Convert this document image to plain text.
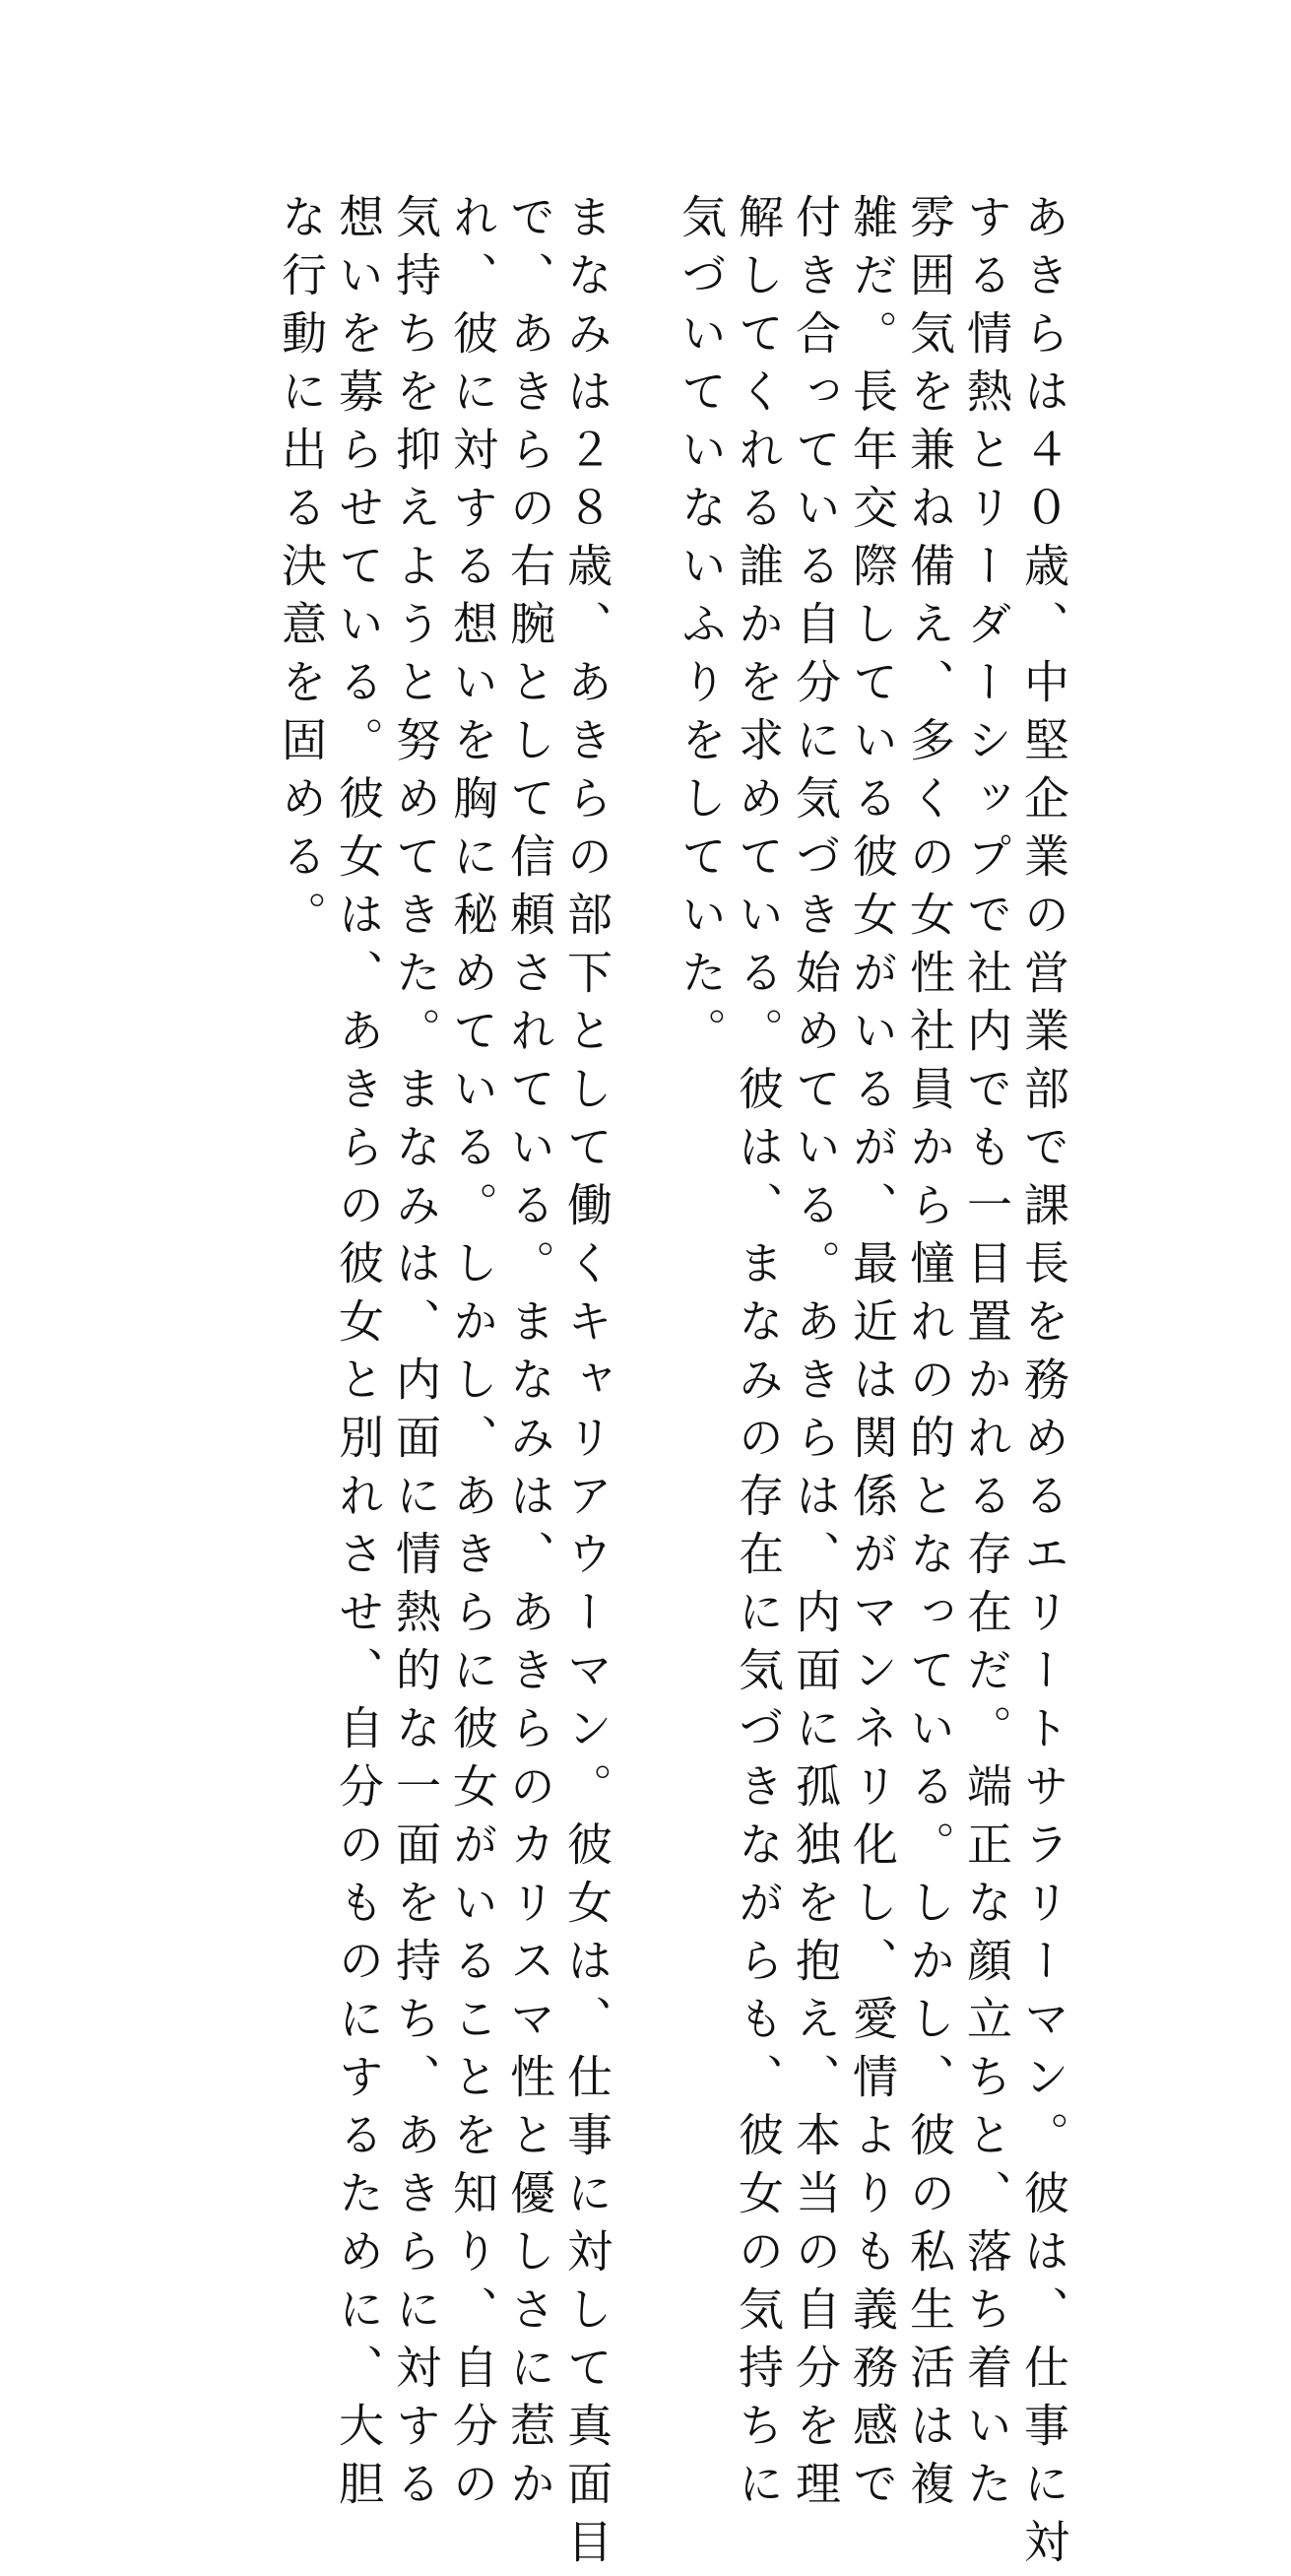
あきらは４０歳、中堅企業の営業部で課長を務めるエリートサラリーマン。彼は、仕事に対
する情熱とリーダーシップで社内でも一目置かれる存在だ。端正な顔立ちと、落ち着いた
雰囲気を兼ね備え、多くの女性社員から憧れの的となっている。しかし、彼の私生活は複
雑だ。長年交際している彼女がいるが、最近は関係がマンネリ化し、愛情よりも義務感で
付き合っている自分に気づき始めている。あきらは、内面に孤独を抱え、本当の自分を理
解してくれる誰かを求めている。彼は、まなみの存在に気づきながらも、彼女の気持ちに
気づいていないふりをしていた。
まなみは２８歳、あきらの部下として働くキャリアウーマン。彼女は、仕事に対して真面目
で、あきらの右腕として信頼されている。まなみは、あきらのカリスマ性と優しさに惹か
れ、彼に対する想いを胸に秘めている。しかし、あきらに彼女がいることを知り、自分の
気持ちを抑えようと努めてきた。まなみは、内面に情熱的な一面を持ち、あきらに対する
想いを募らせている。彼女は、あきらの彼女と別れさせ、自分のものにするために、大胆
な行動に出る決意を固める。
